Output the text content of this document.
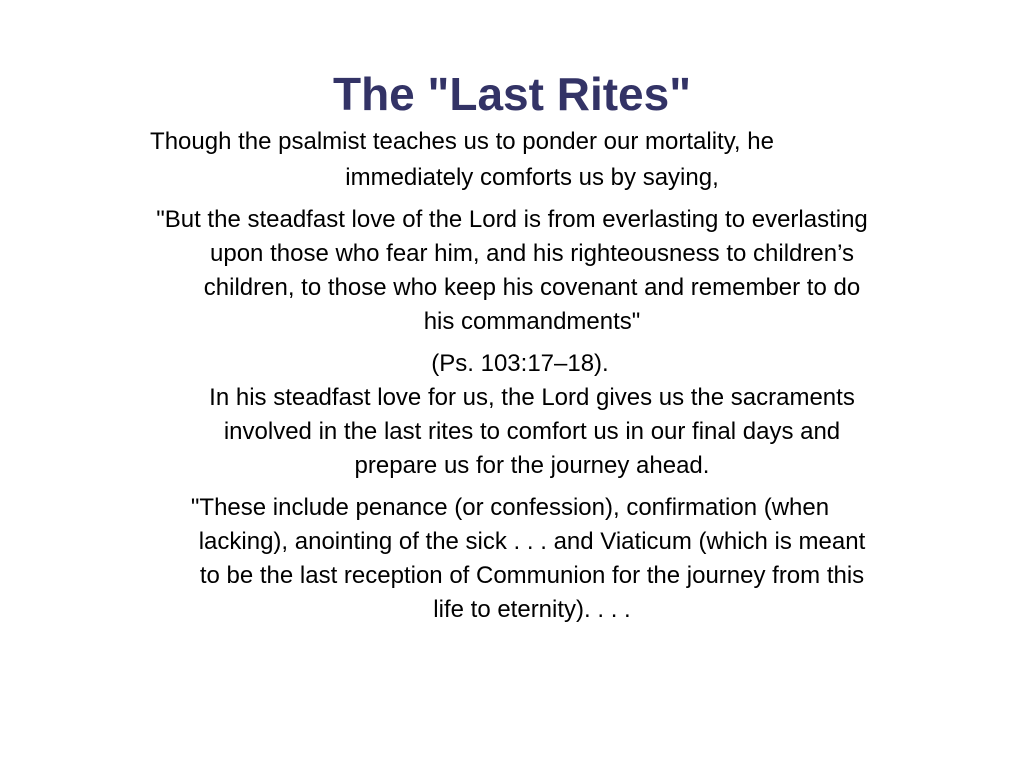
The "Last Rites"
Though the psalmist teaches us to ponder our mortality, he
immediately comforts us by saying,
"But the steadfast love of the Lord is from everlasting to everlasting
upon those who fear him, and his righteousness to children’s
children, to those who keep his covenant and remember to do
his commandments"
(Ps. 103:17–18).
In his steadfast love for us, the Lord gives us the sacraments
involved in the last rites to comfort us in our final days and
prepare us for the journey ahead.
"These include penance (or confession), confirmation (when
lacking), anointing of the sick . . . and Viaticum (which is meant
to be the last reception of Communion for the journey from this
life to eternity). . . .
